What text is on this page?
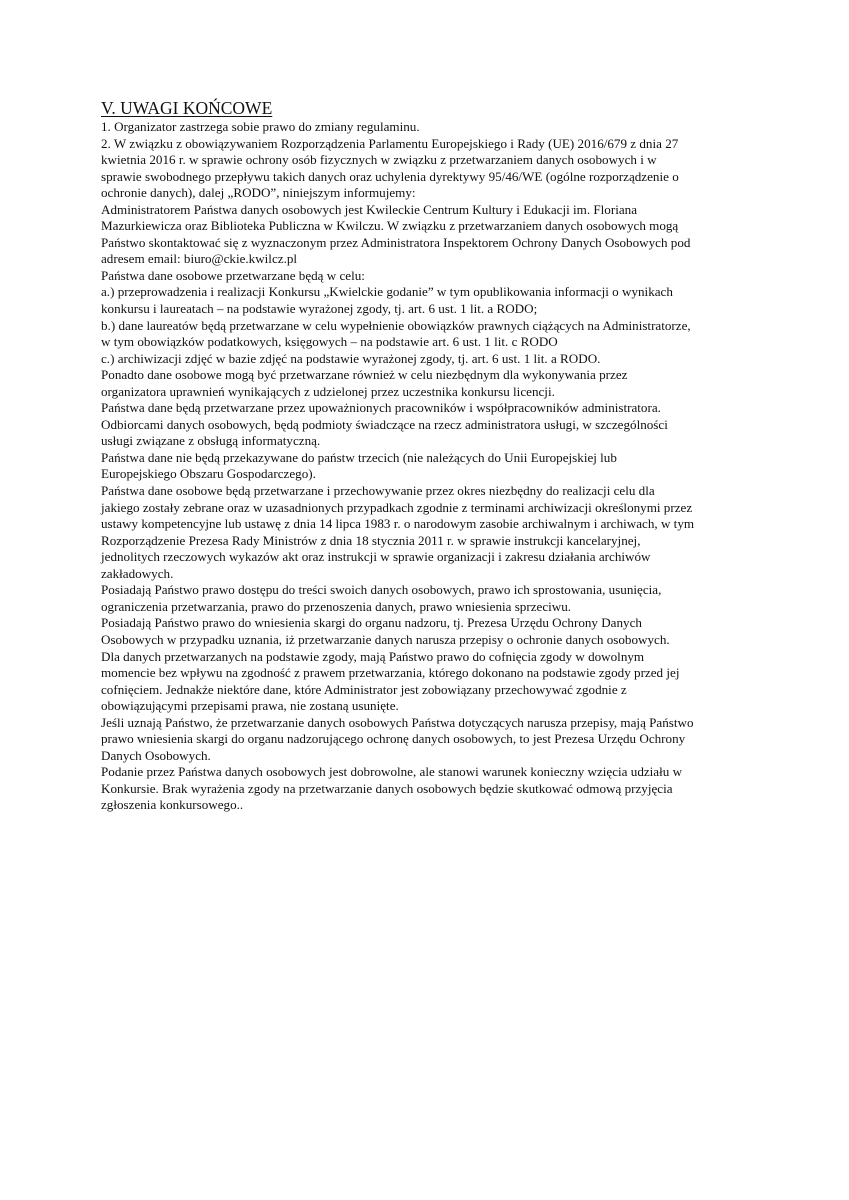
V. UWAGI KOŃCOWE
1. Organizator zastrzega sobie prawo do zmiany regulaminu.
2. W związku z obowiązywaniem Rozporządzenia Parlamentu Europejskiego i Rady (UE) 2016/679 z dnia 27
kwietnia 2016 r. w sprawie ochrony osób fizycznych w związku z przetwarzaniem danych osobowych i w
sprawie swobodnego przepływu takich danych oraz uchylenia dyrektywy 95/46/WE (ogólne rozporządzenie o
ochronie danych), dalej „RODO”, niniejszym informujemy:
Administratorem Państwa danych osobowych jest Kwileckie Centrum Kultury i Edukacji im. Floriana
Mazurkiewicza oraz Biblioteka Publiczna w Kwilczu. W związku z przetwarzaniem danych osobowych mogą
Państwo skontaktować się z wyznaczonym przez Administratora Inspektorem Ochrony Danych Osobowych pod
adresem email: biuro@ckie.kwilcz.pl
Państwa dane osobowe przetwarzane będą w celu:
a.) przeprowadzenia i realizacji Konkursu „Kwielckie godanie” w tym opublikowania informacji o wynikach
konkursu i laureatach – na podstawie wyrażonej zgody, tj. art. 6 ust. 1 lit. a RODO;
b.) dane laureatów będą przetwarzane w celu wypełnienie obowiązków prawnych ciążących na Administratorze,
w tym obowiązków podatkowych, księgowych – na podstawie art. 6 ust. 1 lit. c RODO
c.) archiwizacji zdjęć w bazie zdjęć na podstawie wyrażonej zgody, tj. art. 6 ust. 1 lit. a RODO.
Ponadto dane osobowe mogą być przetwarzane również w celu niezbędnym dla wykonywania przez
organizatora uprawnień wynikających z udzielonej przez uczestnika konkursu licencji.
Państwa dane będą przetwarzane przez upoważnionych pracowników i współpracowników administratora.
Odbiorcami danych osobowych, będą podmioty świadczące na rzecz administratora usługi, w szczególności
usługi związane z obsługą informatyczną.
Państwa dane nie będą przekazywane do państw trzecich (nie należących do Unii Europejskiej lub
Europejskiego Obszaru Gospodarczego).
Państwa dane osobowe będą przetwarzane i przechowywanie przez okres niezbędny do realizacji celu dla
jakiego zostały zebrane oraz w uzasadnionych przypadkach zgodnie z terminami archiwizacji określonymi przez
ustawy kompetencyjne lub ustawę z dnia 14 lipca 1983 r. o narodowym zasobie archiwalnym i archiwach, w tym
Rozporządzenie Prezesa Rady Ministrów z dnia 18 stycznia 2011 r. w sprawie instrukcji kancelaryjnej,
jednolitych rzeczowych wykazów akt oraz instrukcji w sprawie organizacji i zakresu działania archiwów
zakładowych.
Posiadają Państwo prawo dostępu do treści swoich danych osobowych, prawo ich sprostowania, usunięcia,
ograniczenia przetwarzania, prawo do przenoszenia danych, prawo wniesienia sprzeciwu.
Posiadają Państwo prawo do wniesienia skargi do organu nadzoru, tj. Prezesa Urzędu Ochrony Danych
Osobowych w przypadku uznania, iż przetwarzanie danych narusza przepisy o ochronie danych osobowych.
Dla danych przetwarzanych na podstawie zgody, mają Państwo prawo do cofnięcia zgody w dowolnym
momencie bez wpływu na zgodność z prawem przetwarzania, którego dokonano na podstawie zgody przed jej
cofnięciem. Jednakże niektóre dane, które Administrator jest zobowiązany przechowywać zgodnie z
obowiązującymi przepisami prawa, nie zostaną usunięte.
Jeśli uznają Państwo, że przetwarzanie danych osobowych Państwa dotyczących narusza przepisy, mają Państwo
prawo wniesienia skargi do organu nadzorującego ochronę danych osobowych, to jest Prezesa Urzędu Ochrony
Danych Osobowych.
Podanie przez Państwa danych osobowych jest dobrowolne, ale stanowi warunek konieczny wzięcia udziału w
Konkursie. Brak wyrażenia zgody na przetwarzanie danych osobowych będzie skutkować odmową przyjęcia
zgłoszenia konkursowego..
